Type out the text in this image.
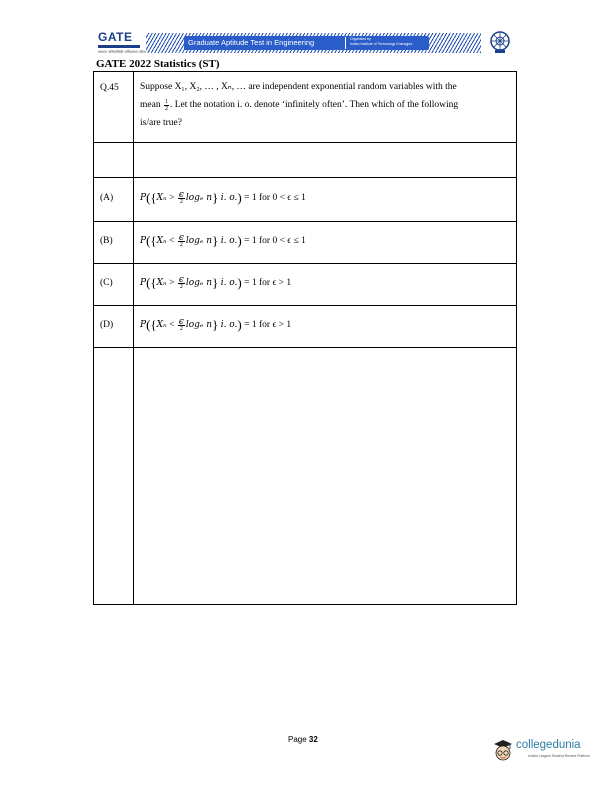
GATE
स्नातक अभियांत्रिकी अभिक्षमता परीक्षा
Graduate Aptitude Test in Engineering	Organised by
Indian Institute of Technology Kharagpur
GATE 2022 Statistics (ST)
Q.45 Suppose X₁, X₂, … , Xₙ, … are independent exponential random variables with the
mean
$\frac{1}{2}$ . Let the notation i. o. denote ‘infinitely often’. Then which of the following
is/are true?
(A)	P ({ Xₙ
>
$\frac{\epsilon}{2}$ logₑ n }
i. o. )
= 1
for 0 < ϵ ≤ 1
(B)	P ({ Xₙ
<
$\frac{\epsilon}{2}$ logₑ n }
i. o. )
= 1
for 0 < ϵ ≤ 1
(C)	P ({ Xₙ
>
$\frac{\epsilon}{2}$ logₑ n }
i. o. )
= 1
for ϵ > 1
(D)	P ({ Xₙ
<
$\frac{\epsilon}{2}$ logₑ n }
i. o. )
= 1
for ϵ > 1
Page 32	collegedunia
India's Largest Student Review Platform
